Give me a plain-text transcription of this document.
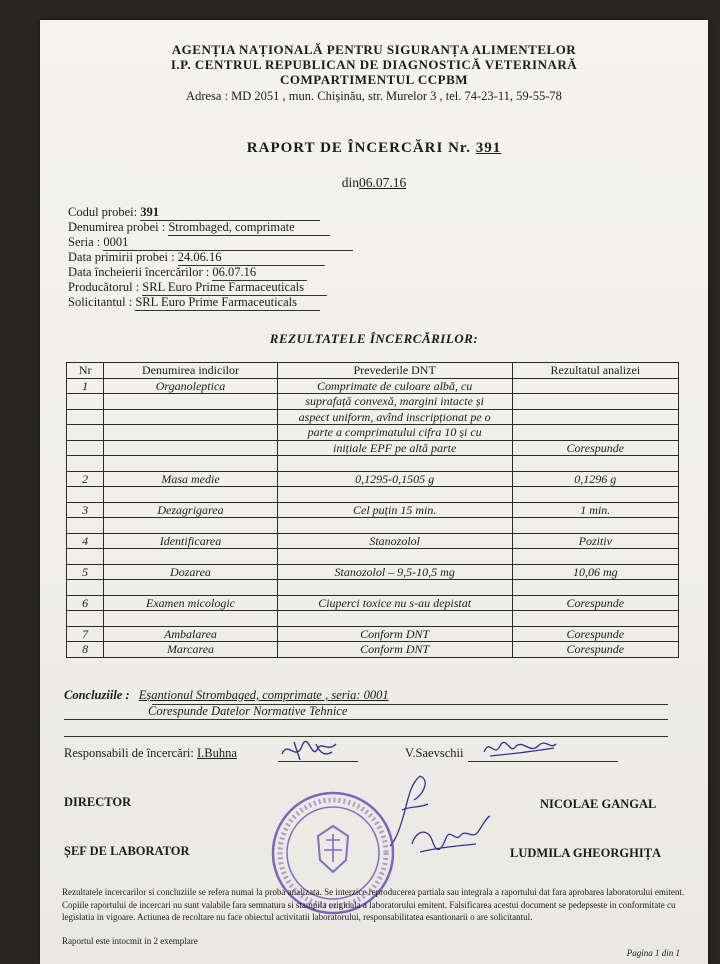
AGENȚIA NAȚIONALĂ PENTRU SIGURANȚA ALIMENTELOR
I.P. CENTRUL REPUBLICAN DE DIAGNOSTICĂ VETERINARĂ
COMPARTIMENTUL CCPBM
Adresa : MD 2051 , mun. Chișinău, str. Murelor 3 , tel. 74-23-11, 59-55-78
RAPORT DE ÎNCERCĂRI Nr. 391
din06.07.16
Codul probei: 391
Denumirea probei : Strombaged, comprimate
Seria : 0001
Data primirii probei : 24.06.16
Data încheierii încercărilor : 06.07.16
Producătorul : SRL Euro Prime Farmaceuticals
Solicitantul : SRL Euro Prime Farmaceuticals
REZULTATELE ÎNCERCĂRILOR:
Nr	Denumirea indicilor	Prevederile DNT	Rezultatul analizei
1	Organoleptica	Comprimate de culoare albă, cu	
		suprafață convexă, margini intacte și	
		aspect uniform, avînd inscripționat pe o	
		parte a comprimatului cifra 10 și cu	
		inițiale EPF pe altă parte	Corespunde

2	Masa medie	0,1295-0,1505 g	0,1296 g

3	Dezagrigarea	Cel puțin 15 min.	1 min.

4	Identificarea	Stanozolol	Pozitiv

5	Dozarea	Stanozolol – 9,5-10,5 mg	10,06 mg

6	Examen micologic	Ciuperci toxice nu s-au depistat	Corespunde

7	Ambalarea	Conform DNT	Corespunde
8	Marcarea	Conform DNT	Corespunde
Concluziile : Eșantionul Strombaged, comprimate , seria: 0001
Corespunde Datelor Normative Tehnice
Responsabili de încercări: I.Buhna	V.Saevschii
DIRECTOR	NICOLAE GANGAL
ȘEF DE LABORATOR	LUDMILA GHEORGHIȚA
Rezultatele incercarilor si concluziile se refera numai la proba analizata. Se interzice reproducerea partiala sau integrala a raportului dat fara aprobarea laboratorului emitent. Copiile raportului de incercari nu sunt valabile fara semnatura si stampila originala a laboratorului emitent. Falsificarea acestui document se pedepseste in conformitate cu legislatia in vigoare. Actiunea de recoltare nu face obiectul activitatii laboratorului, responsabilitatea esantionarii o are solicitantul.
Raportul este intocmit in 2 exemplare
Pagina 1 din 1
